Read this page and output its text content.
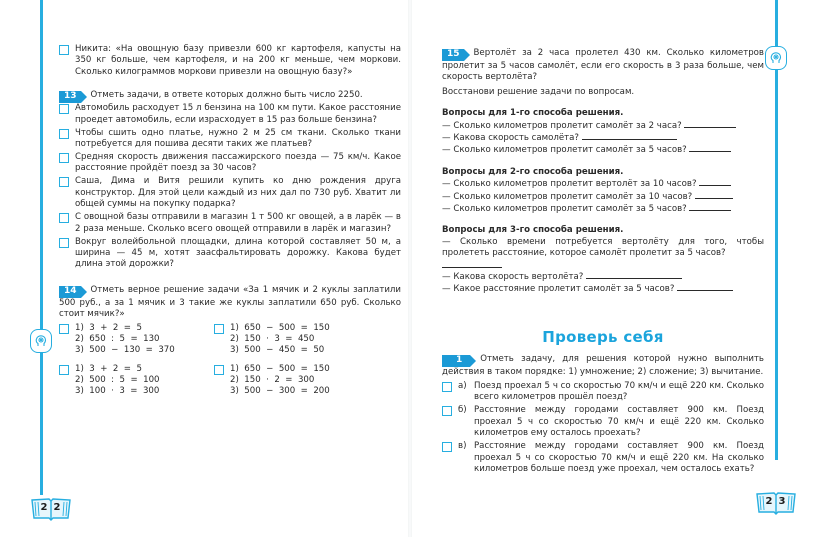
2 2
Никита: «На овощную базу привезли 600 кг картофеля, капусты на 350 кг больше, чем картофеля, и на 200 кг меньше, чем моркови. Сколько килограммов моркови привезли на овощную базу?»
13 Отметь задачи, в ответе которых должно быть число 2250.
Автомобиль расходует 15 л бензина на 100 км пути. Какое расстояние проедет автомобиль, если израсходует в 15 раз больше бензина?
Чтобы сшить одно платье, нужно 2 м 25 см ткани. Сколько ткани потребуется для пошива десяти таких же платьев?
Средняя скорость движения пассажирского поезда — 75 км/ч. Какое расстояние пройдёт поезд за 30 часов?
Саша, Дима и Витя решили купить ко дню рождения друга конструктор. Для этой цели каждый из них дал по 730 руб. Хватит ли общей суммы на покупку подарка?
С овощной базы отправили в магазин 1 т 500 кг овощей, а в ларёк — в 2 раза меньше. Сколько всего овощей отправили в ларёк и магазин?
Вокруг волейбольной площадки, длина которой составляет 50 м, а ширина — 45 м, хотят заасфальтировать дорожку. Какова будет длина этой дорожки?
14 Отметь верное решение задачи «За 1 мячик и 2 куклы заплатили 500 руб., а за 1 мячик и 3 такие же куклы заплатили 650 руб. Сколько стоит мячик?»
1)  3  +  2  =  5
2)  650  :  5  =  130
3)  500  −  130  =  370
1)  650  −  500  =  150
2)  150  ·  3  =  450
3)  500  −  450  =  50
1)  3  +  2  =  5
2)  500  :  5  =  100
3)  100  ·  3  =  300
1)  650  −  500  =  150
2)  150  ·  2  =  300
3)  500  −  300  =  200
2 3
15 Вертолёт за 2 часа пролетел 430 км. Сколько километров пролетит за 5 часов самолёт, если его скорость в 3 раза больше, чем скорость вертолёта?
Восстанови решение задачи по вопросам.
Вопросы для 1-го способа решения.
— Сколько километров пролетит самолёт за 2 часа?
— Какова скорость самолёта?
— Сколько километров пролетит самолёт за 5 часов?
Вопросы для 2-го способа решения.
— Сколько километров пролетит вертолёт за 10 часов?
— Сколько километров пролетит самолёт за 10 часов?
— Сколько километров пролетит самолёт за 5 часов?
Вопросы для 3-го способа решения.
— Сколько времени потребуется вертолёту для того, чтобы пролететь расстояние, которое самолёт пролетит за 5 часов?
— Какова скорость вертолёта?
— Какое расстояние пролетит самолёт за 5 часов?
Проверь себя
1 Отметь задачу, для решения которой нужно выполнить действия в таком порядке: 1) умножение; 2) сложение; 3) вычитание.
а) Поезд проехал 5 ч со скоростью 70 км/ч и ещё 220 км. Сколько всего километров прошёл поезд?
б) Расстояние между городами составляет 900 км. Поезд проехал 5 ч со скоростью 70 км/ч и ещё 220 км. Сколько километров ему осталось проехать?
в) Расстояние между городами составляет 900 км. Поезд проехал 5 ч со скоростью 70 км/ч и ещё 220 км. На сколько километров больше поезд уже проехал, чем осталось ехать?
